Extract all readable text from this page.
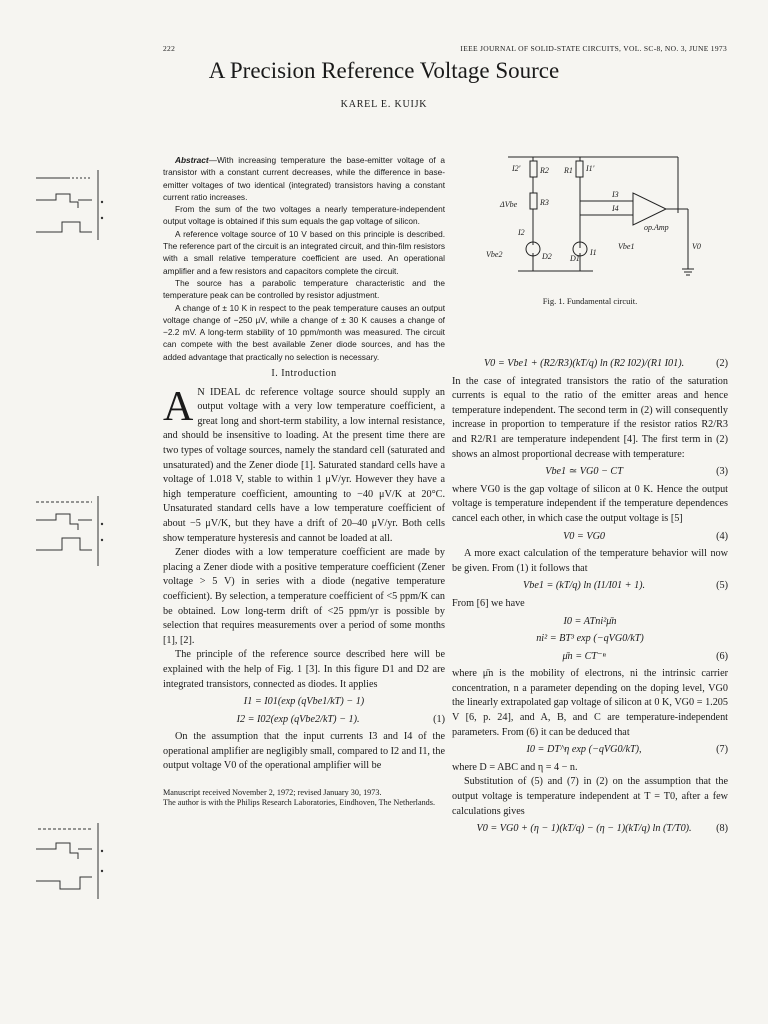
222	IEEE JOURNAL OF SOLID-STATE CIRCUITS, VOL. SC-8, NO. 3, JUNE 1973
A Precision Reference Voltage Source
KAREL E. KUIJK

Abstract—With increasing temperature the base-emitter voltage of a transistor with a constant current decreases, while the difference in base-emitter voltages of two identical (integrated) transistors having a constant current ratio increases.

From the sum of the two voltages a nearly temperature-independent output voltage is obtained if this sum equals the gap voltage of silicon.

A reference voltage source of 10 V based on this principle is described. The reference part of the circuit is an integrated circuit, and thin-film resistors with a small relative temperature coefficient are used. An operational amplifier and a few resistors and capacitors complete the circuit.

The source has a parabolic temperature characteristic and the temperature peak can be controlled by resistor adjustment.

A change of ± 10 K in respect to the peak temperature causes an output voltage change of −250 μV, while a change of ± 30 K causes a change of −2.2 mV. A long-term stability of 10 ppm/month was measured. The circuit can compete with the best available Zener diode sources, and has the added advantage that practically no selection is necessary.

I. Introduction

A N IDEAL dc reference voltage source should supply an output voltage with a very low temperature coefficient, a great long and short-term stability, a low internal resistance, and should be insensitive to loading. At the present time there are two types of voltage sources, namely the standard cell (saturated and unsaturated) and the Zener diode [1]. Saturated standard cells have a voltage of 1.018 V, stable to within 1 μV/yr. However they have a high temperature coefficient, amounting to −40 μV/K at 20°C. Unsaturated standard cells have a low temperature coefficient of about −5 μV/K, but they have a drift of 20–40 μV/yr. Both cells show temperature hysteresis and cannot be loaded at all.

Zener diodes with a low temperature coefficient are made by placing a Zener diode with a positive temperature coefficient (Zener voltage > 5 V) in series with a diode (negative temperature coefficient). By selection, a temperature coefficient of <5 ppm/K can be obtained. Low long-term drift of <25 ppm/yr is possible by selection that requires measurements over a period of some months [1], [2].

The principle of the reference source described here will be explained with the help of Fig. 1 [3]. In this figure D1 and D2 are integrated transistors, connected as diodes. It applies

I1 = I01(exp (qVbe1/kT) − 1)
I2 = I02(exp (qVbe2/kT) − 1).	(1)

On the assumption that the input currents I3 and I4 of the operational amplifier are negligibly small, compared to I2 and I1, the output voltage V0 of the operational amplifier will be

Manuscript received November 2, 1972; revised January 30, 1973.

The author is with the Philips Research Laboratories, Eindhoven, The Netherlands.

I2' R2 R1 I1'
ΔVbe	R3
I3
I4
op.Amp
V0
Vbe2	D2 D1
I1
Vbe1
I2
Fig. 1. Fundamental circuit.
V0 = Vbe1 + (R2/R3)(kT/q) ln (R2 I02)/(R1 I01).	(2)

In the case of integrated transistors the ratio of the saturation currents is equal to the ratio of the emitter areas and hence temperature independent. The second term in (2) will consequently increase in proportion to temperature if the resistor ratios R2/R3 and R2/R1 are temperature independent [4]. The first term in (2) shows an almost proportional decrease with temperature:

Vbe1 ≃ VG0 − CT	(3)

where VG0 is the gap voltage of silicon at 0 K. Hence the output voltage is temperature independent if the temperature dependences cancel each other, in which case the output voltage is [5]

V0 = VG0	(4)

A more exact calculation of the temperature behavior will now be given. From (1) it follows that

Vbe1 = (kT/q) ln (I1/I01 + 1).	(5)

From [6] we have

I0 = ATni²μ̄n
ni² = BT³ exp (−qVG0/kT)
μ̄n = CT⁻ⁿ	(6)

where μ̄n is the mobility of electrons, ni the intrinsic carrier concentration, n a parameter depending on the doping level, VG0 the linearly extrapolated gap voltage of silicon at 0 K, VG0 = 1.205 V [6, p. 24], and A, B, and C are temperature-independent parameters. From (6) it can be deduced that

I0 = DT^η exp (−qVG0/kT),	(7)

where D = ABC and η = 4 − n.

Substitution of (5) and (7) in (2) on the assumption that the output voltage is temperature independent at T = T0, after a few calculations gives

V0 = VG0 + (η − 1)(kT/q) − (η − 1)(kT/q) ln (T/T0).	(8)
